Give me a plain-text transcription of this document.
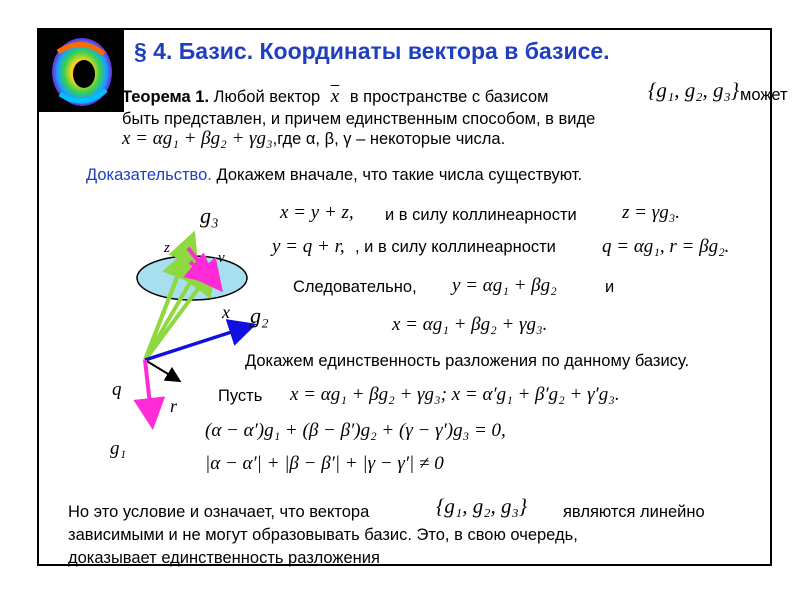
§ 4. Базис. Координаты вектора в базисе.
Теорема 1. Любой вектор $\overline{x}$ в пространстве с базисом	{g₁, g₂, g₃} может
быть представлен, и причем единственным способом, в виде
x = αg₁ + βg₂ + γg₃,где α, β, γ – некоторые числа.
Доказательство. Докажем вначале, что такие числа существуют.
g₃
z
v
x g₂
q
r
g₁
x = y + z, и в силу коллинеарности z = γg₃.
y = q + r, , и в силу коллинеарности q = αg₁, r = βg₂.
Следовательно, y = αg₁ + βg₂	и
x = αg₁ + βg₂ + γg₃.
Докажем единственность разложения по данному базису.
Пусть x = αg₁ + βg₂ + γg₃; x = α′g₁ + β′g₂ + γ′g₃.
(α − α′)g₁ + (β − β′)g₂ + (γ − γ′)g₃ = 0,
|α − α′| + |β − β′| + |γ − γ′| ≠ 0
Но это условие и означает, что вектора	{g₁, g₂, g₃} являются линейно
зависимыми и не могут образовывать базис. Это, в свою очередь,
доказывает единственность разложения
